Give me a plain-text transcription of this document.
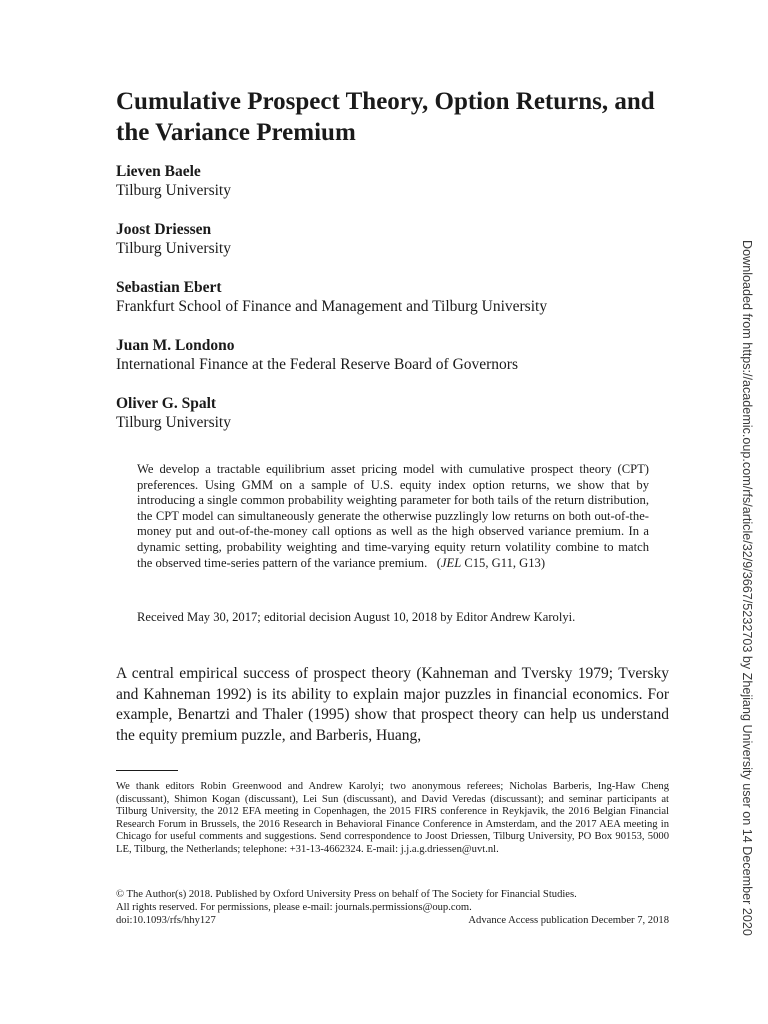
Cumulative Prospect Theory, Option Returns, and the Variance Premium
Lieven Baele
Tilburg University
Joost Driessen
Tilburg University
Sebastian Ebert
Frankfurt School of Finance and Management and Tilburg University
Juan M. Londono
International Finance at the Federal Reserve Board of Governors
Oliver G. Spalt
Tilburg University

We develop a tractable equilibrium asset pricing model with cumulative prospect theory (CPT) preferences. Using GMM on a sample of U.S. equity index option returns, we show that by introducing a single common probability weighting parameter for both tails of the return distribution, the CPT model can simultaneously generate the otherwise puzzlingly low returns on both out-of-the-money put and out-of-the-money call options as well as the high observed variance premium. In a dynamic setting, probability weighting and time-varying equity return volatility combine to match the observed time-series pattern of the variance premium. (JEL C15, G11, G13)

Received May 30, 2017; editorial decision August 10, 2018 by Editor Andrew Karolyi.

A central empirical success of prospect theory (Kahneman and Tversky 1979; Tversky and Kahneman 1992) is its ability to explain major puzzles in financial economics. For example, Benartzi and Thaler (1995) show that prospect theory can help us understand the equity premium puzzle, and Barberis, Huang,

We thank editors Robin Greenwood and Andrew Karolyi; two anonymous referees; Nicholas Barberis, Ing-Haw Cheng (discussant), Shimon Kogan (discussant), Lei Sun (discussant), and David Veredas (discussant); and seminar participants at Tilburg University, the 2012 EFA meeting in Copenhagen, the 2015 FIRS conference in Reykjavik, the 2016 Belgian Financial Research Forum in Brussels, the 2016 Research in Behavioral Finance Conference in Amsterdam, and the 2017 AEA meeting in Chicago for useful comments and suggestions. Send correspondence to Joost Driessen, Tilburg University, PO Box 90153, 5000 LE, Tilburg, the Netherlands; telephone: +31-13-4662324. E-mail: j.j.a.g.driessen@uvt.nl.

© The Author(s) 2018. Published by Oxford University Press on behalf of The Society for Financial Studies.
All rights reserved. For permissions, please e-mail: journals.permissions@oup.com.
doi:10.1093/rfs/hhy127	Advance Access publication December 7, 2018	Downloaded from https://academic.oup.com/rfs/article/32/9/3667/5232703 by Zhejiang University user on 14 December 2020
